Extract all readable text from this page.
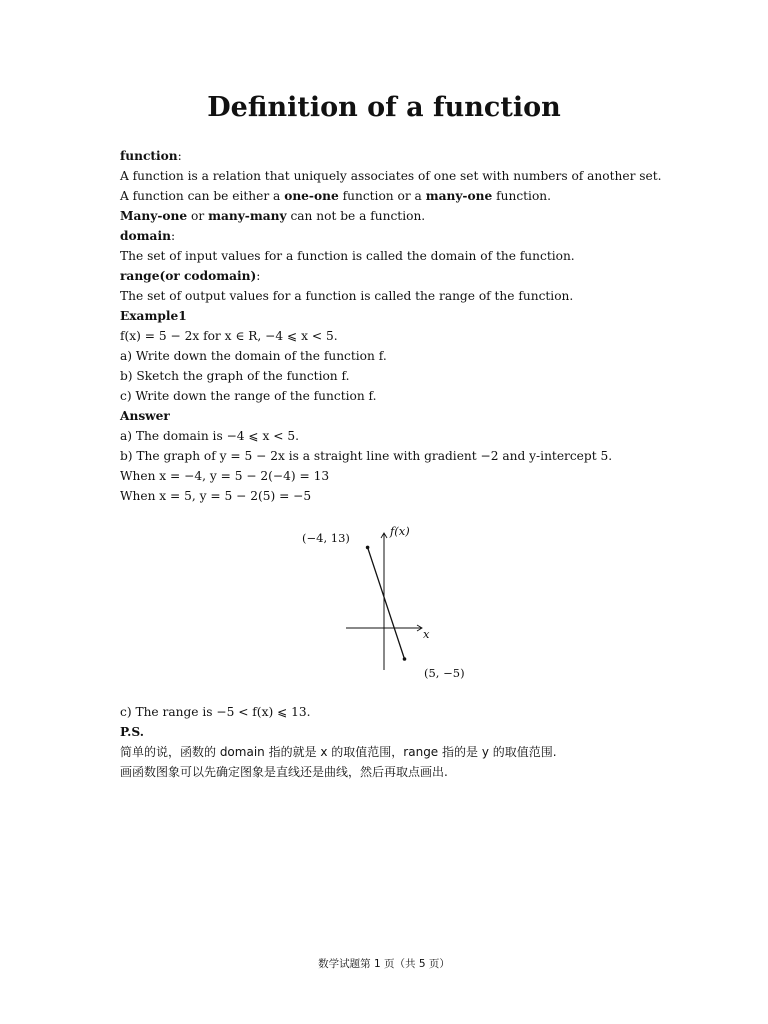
Definition of a function
function:
A function is a relation that uniquely associates of one set with numbers of another set.
A function can be either a one-one function or a many-one function.
Many-one or many-many can not be a function.
domain:
The set of input values for a function is called the domain of the function.
range(or codomain):
The set of output values for a function is called the range of the function.
Example1
f(x) = 5 − 2x for x ∈ R, −4 ⩽ x < 5.
a) Write down the domain of the function f.
b) Sketch the graph of the function f.
c) Write down the range of the function f.
Answer
a) The domain is −4 ⩽ x < 5.
b) The graph of y = 5 − 2x is a straight line with gradient −2 and y-intercept 5.
When x = −4, y = 5 − 2(−4) = 13
When x = 5, y = 5 − 2(5) = −5
f(x)
x
(−4, 13)
(5, −5)
c) The range is −5 < f(x) ⩽ 13.
P.S.
简单的说，函数的 domain 指的就是 x 的取值范围，range 指的是 y 的取值范围.
画函数图象可以先确定图象是直线还是曲线，然后再取点画出.
数学试题第 1 页（共 5 页）
